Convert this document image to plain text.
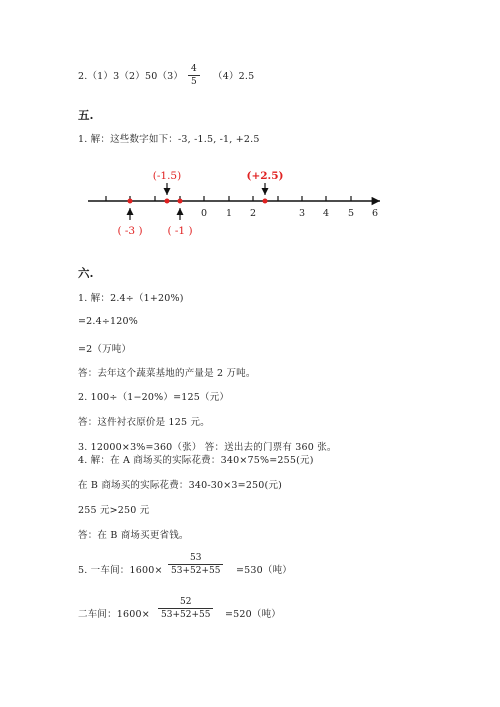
$2.(1)3(2)50(3) \frac{4}{5} (4)2.5$
五.
1. 解：这些数字如下：-3, -1.5, -1, +2.5
0 1 2	3 4 5 6
(-1.5)	(+2.5)
( -3 ) ( -1 )
六.
1. 解：2.4÷（1+20%)
=2.4÷120%
=2（万吨）
答：去年这个蔬菜基地的产量是 2 万吨。
2. 100÷（1−20%）=125（元）
答：这件衬衣原价是 125 元。
3. 12000×3%=360（张） 答：送出去的门票有 360 张。
4. 解：在 A 商场买的实际花费：340×75%=255(元)
在 B 商场买的实际花费：340-30×3=250(元)
255 元>250 元
答：在 B 商场买更省钱。
5. 一车间：$1600\times \frac{53}{53+52+55} =530$（吨）
二车间：$1600\times \frac{52}{53+52+55} =520$（吨）
